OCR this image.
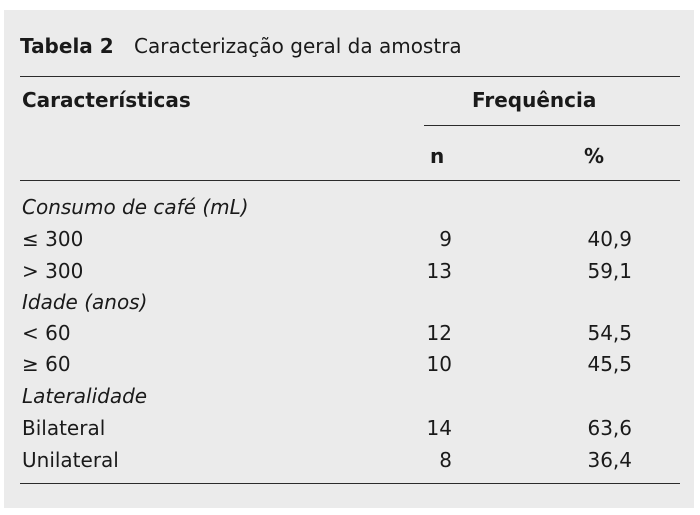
Tabela 2 Caracterização geral da amostra
Características	Frequência
n	%
Consumo de café (mL)
≤ 300	9	40,9
> 300	13	59,1
Idade (anos)
< 60	12	54,5
≥ 60	10	45,5
Lateralidade
Bilateral	14	63,6
Unilateral	8	36,4
